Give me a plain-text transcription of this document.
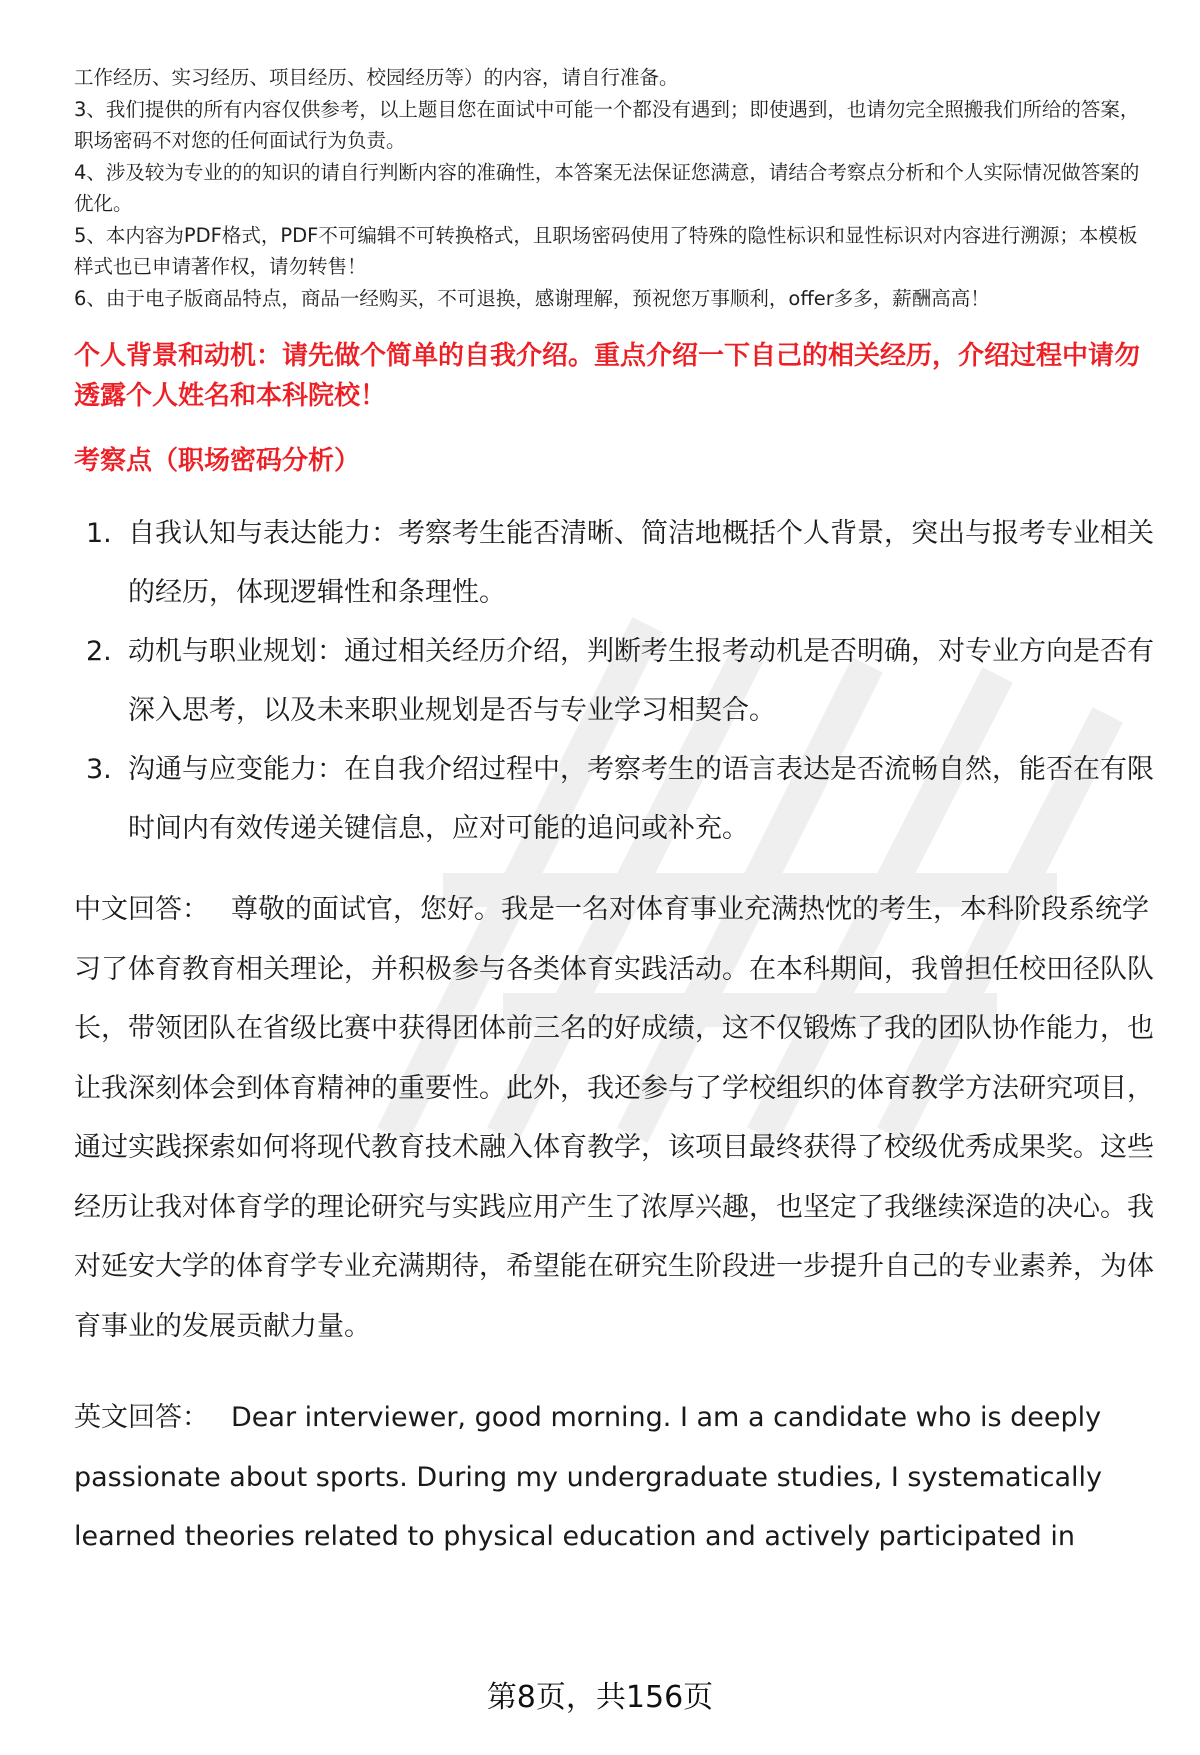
工作经历、实习经历、项目经历、校园经历等）的内容，请自行准备。

3、我们提供的所有内容仅供参考，以上题目您在面试中可能一个都没有遇到；即使遇到，也请勿完全照搬我们所给的答案，职场密码不对您的任何面试行为负责。

4、涉及较为专业的的知识的请自行判断内容的准确性，本答案无法保证您满意，请结合考察点分析和个人实际情况做答案的优化。

5、本内容为PDF格式，PDF不可编辑不可转换格式，且职场密码使用了特殊的隐性标识和显性标识对内容进行溯源；本模板样式也已申请著作权，请勿转售！

6、由于电子版商品特点，商品一经购买，不可退换，感谢理解，预祝您万事顺利，offer多多，薪酬高高！

个人背景和动机：请先做个简单的自我介绍。重点介绍一下自己的相关经历，介绍过程中请勿透露个人姓名和本科院校！
考察点（职场密码分析）
1. 自我认知与表达能力：考察考生能否清晰、简洁地概括个人背景，突出与报考专业相关的经历，体现逻辑性和条理性。
2. 动机与职业规划：通过相关经历介绍，判断考生报考动机是否明确，对专业方向是否有深入思考，以及未来职业规划是否与专业学习相契合。
3. 沟通与应变能力：在自我介绍过程中，考察考生的语言表达是否流畅自然，能否在有限时间内有效传递关键信息，应对可能的追问或补充。
中文回答： 尊敬的面试官，您好。我是一名对体育事业充满热忱的考生，本科阶段系统学习了体育教育相关理论，并积极参与各类体育实践活动。在本科期间，我曾担任校田径队队长，带领团队在省级比赛中获得团体前三名的好成绩，这不仅锻炼了我的团队协作能力，也让我深刻体会到体育精神的重要性。此外，我还参与了学校组织的体育教学方法研究项目，通过实践探索如何将现代教育技术融入体育教学，该项目最终获得了校级优秀成果奖。这些经历让我对体育学的理论研究与实践应用产生了浓厚兴趣，也坚定了我继续深造的决心。我对延安大学的体育学专业充满期待，希望能在研究生阶段进一步提升自己的专业素养，为体育事业的发展贡献力量。
英文回答： Dear interviewer, good morning. I am a candidate who is deeply passionate about sports. During my undergraduate studies, I systematically learned theories related to physical education and actively participated in
第8页，共156页
